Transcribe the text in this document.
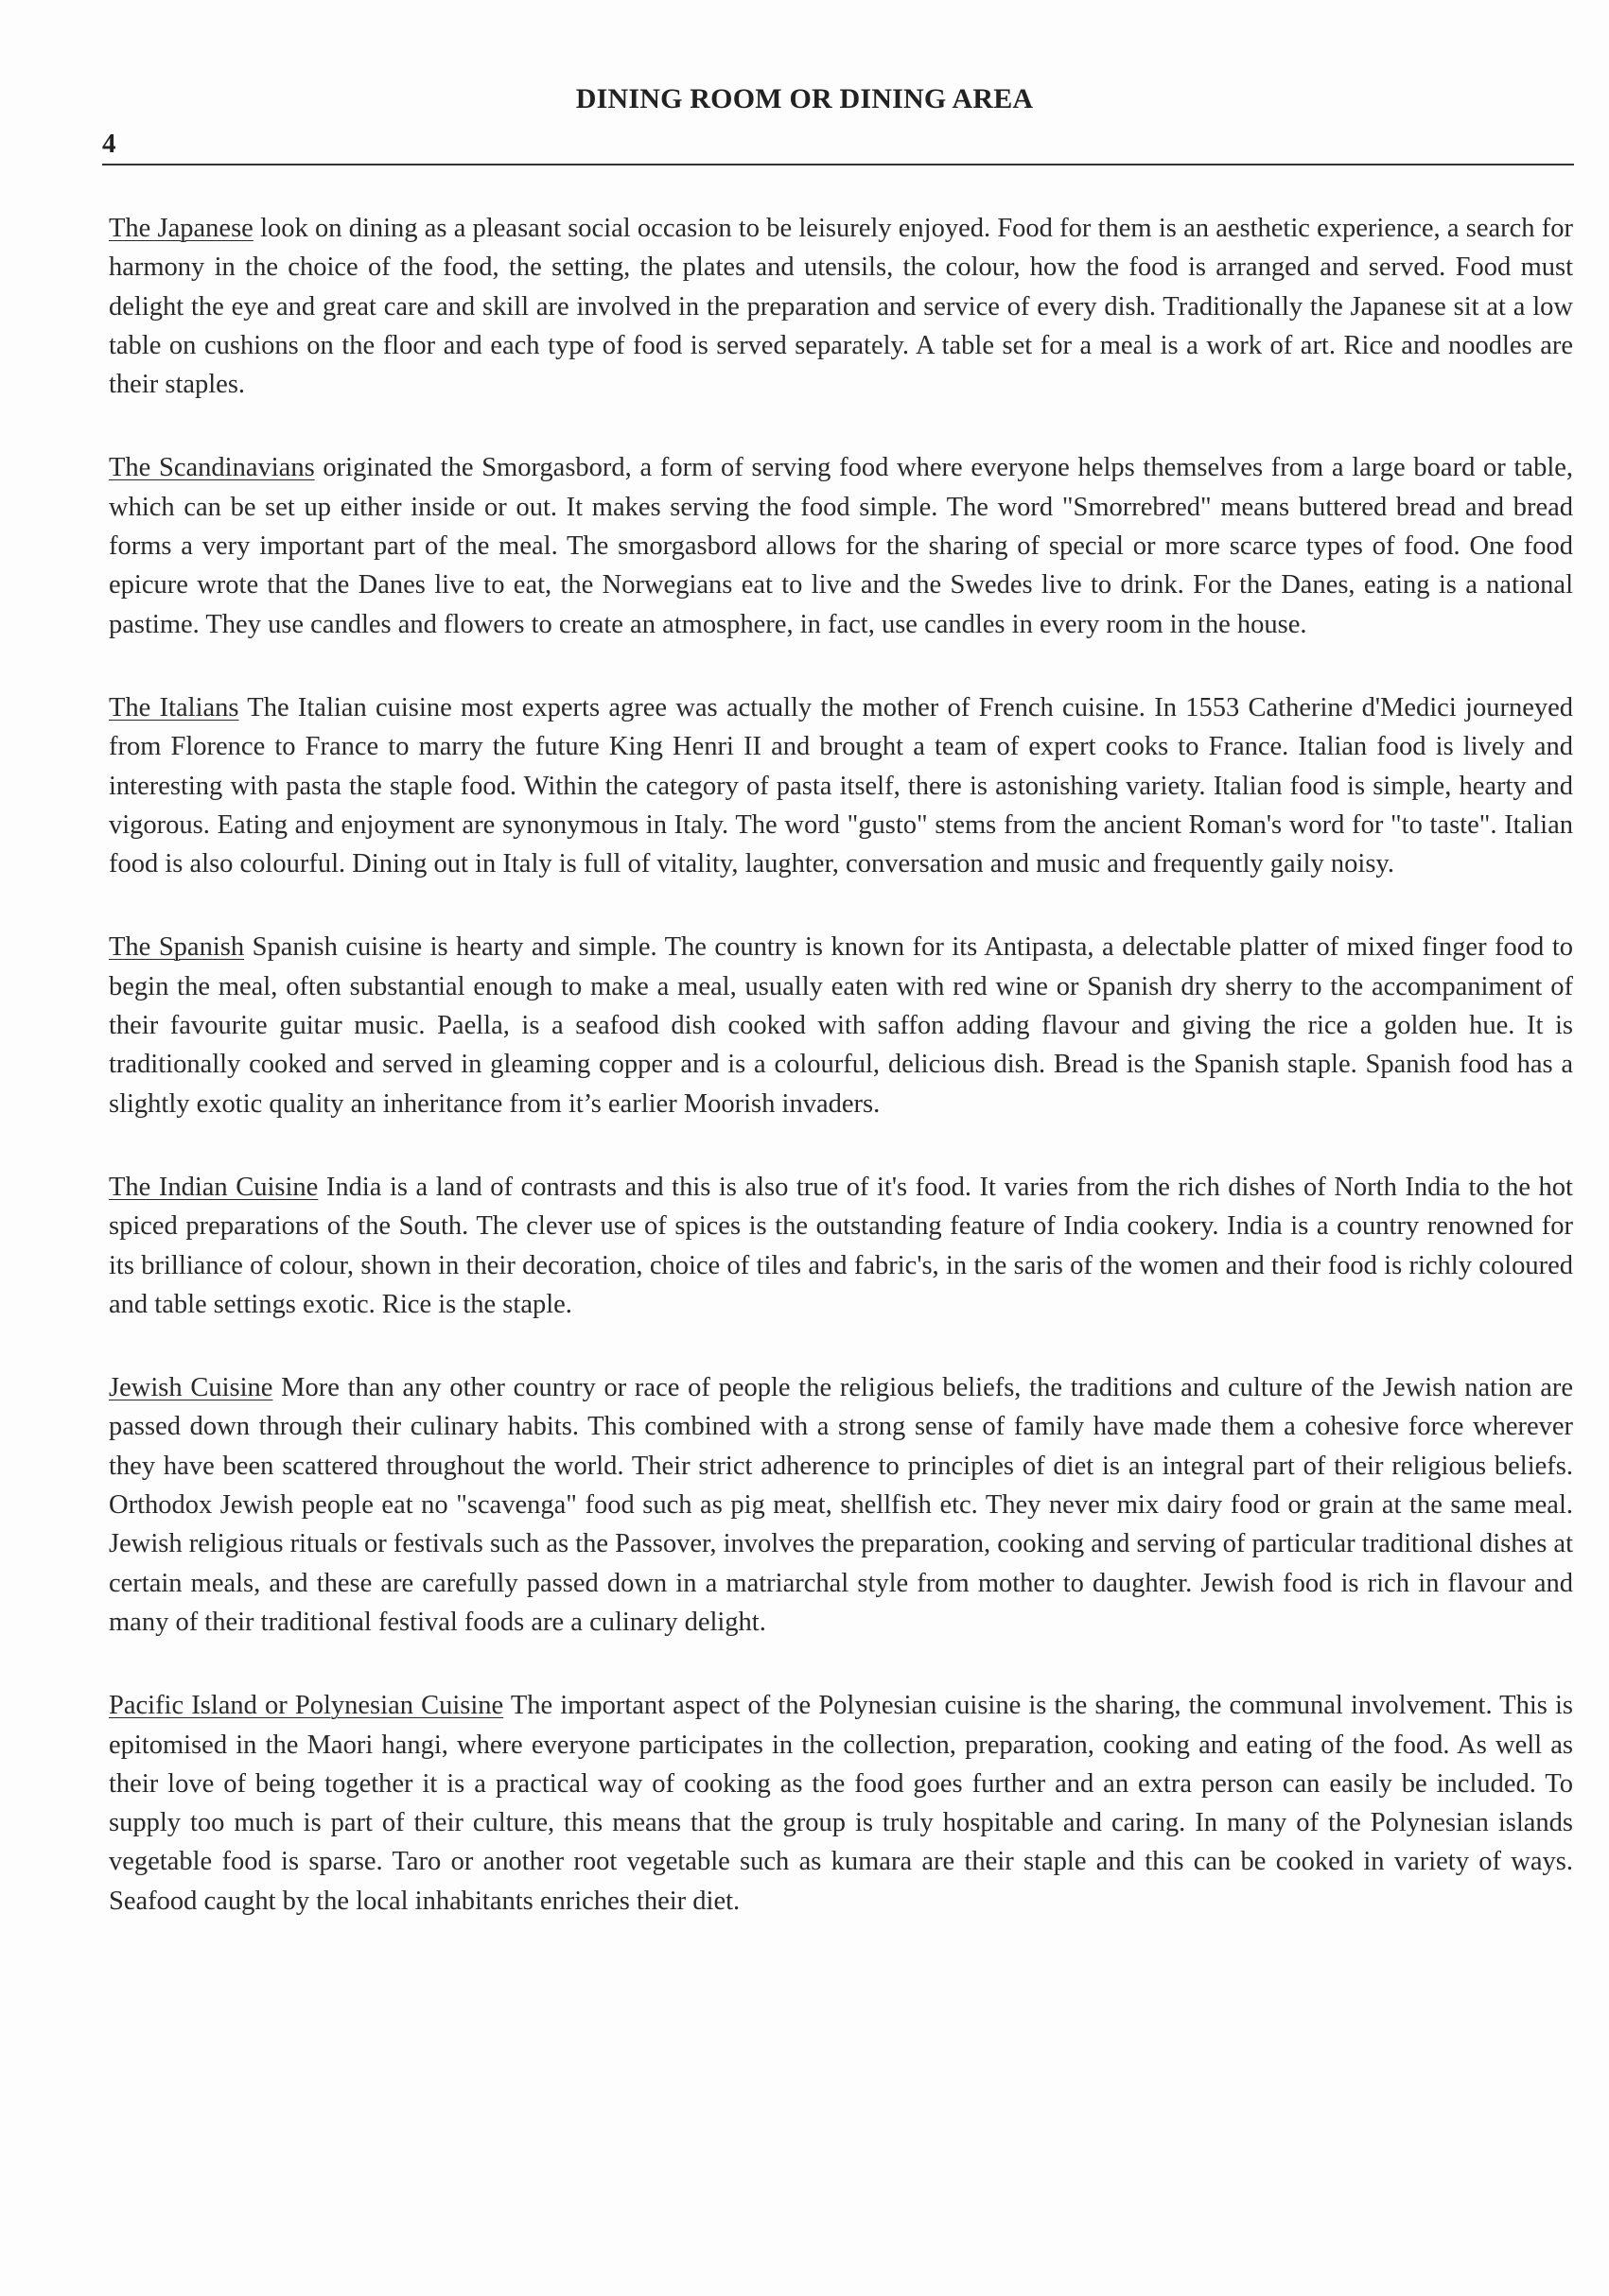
DINING ROOM OR DINING AREA
4

The Japanese look on dining as a pleasant social occasion to be leisurely enjoyed. Food for them is an aesthetic experience, a search for harmony in the choice of the food, the setting, the plates and utensils, the colour, how the food is arranged and served. Food must delight the eye and great care and skill are involved in the preparation and service of every dish. Traditionally the Japanese sit at a low table on cushions on the floor and each type of food is served separately. A table set for a meal is a work of art. Rice and noodles are their staples.

The Scandinavians originated the Smorgasbord, a form of serving food where everyone helps themselves from a large board or table, which can be set up either inside or out. It makes serving the food simple. The word "Smorrebred" means buttered bread and bread forms a very important part of the meal. The smorgasbord allows for the sharing of special or more scarce types of food. One food epicure wrote that the Danes live to eat, the Norwegians eat to live and the Swedes live to drink. For the Danes, eating is a national pastime. They use candles and flowers to create an atmosphere, in fact, use candles in every room in the house.

The Italians The Italian cuisine most experts agree was actually the mother of French cuisine. In 1553 Catherine d'Medici journeyed from Florence to France to marry the future King Henri II and brought a team of expert cooks to France. Italian food is lively and interesting with pasta the staple food. Within the category of pasta itself, there is astonishing variety. Italian food is simple, hearty and vigorous. Eating and enjoyment are synonymous in Italy. The word "gusto" stems from the ancient Roman's word for "to taste". Italian food is also colourful. Dining out in Italy is full of vitality, laughter, conversation and music and frequently gaily noisy.

The Spanish Spanish cuisine is hearty and simple. The country is known for its Antipasta, a delectable platter of mixed finger food to begin the meal, often substantial enough to make a meal, usually eaten with red wine or Spanish dry sherry to the accompaniment of their favourite guitar music. Paella, is a seafood dish cooked with saffon adding flavour and giving the rice a golden hue. It is traditionally cooked and served in gleaming copper and is a colourful, delicious dish. Bread is the Spanish staple. Spanish food has a slightly exotic quality an inheritance from it’s earlier Moorish invaders.

The Indian Cuisine India is a land of contrasts and this is also true of it's food. It varies from the rich dishes of North India to the hot spiced preparations of the South. The clever use of spices is the outstanding feature of India cookery. India is a country renowned for its brilliance of colour, shown in their decoration, choice of tiles and fabric's, in the saris of the women and their food is richly coloured and table settings exotic. Rice is the staple.

Jewish Cuisine More than any other country or race of people the religious beliefs, the traditions and culture of the Jewish nation are passed down through their culinary habits. This combined with a strong sense of family have made them a cohesive force wherever they have been scattered throughout the world. Their strict adherence to principles of diet is an integral part of their religious beliefs. Orthodox Jewish people eat no "scavenga" food such as pig meat, shellfish etc. They never mix dairy food or grain at the same meal. Jewish religious rituals or festivals such as the Passover, involves the preparation, cooking and serving of particular traditional dishes at certain meals, and these are carefully passed down in a matriarchal style from mother to daughter. Jewish food is rich in flavour and many of their traditional festival foods are a culinary delight.

Pacific Island or Polynesian Cuisine The important aspect of the Polynesian cuisine is the sharing, the communal involvement. This is epitomised in the Maori hangi, where everyone participates in the collection, preparation, cooking and eating of the food. As well as their love of being together it is a practical way of cooking as the food goes further and an extra person can easily be included. To supply too much is part of their culture, this means that the group is truly hospitable and caring. In many of the Polynesian islands vegetable food is sparse. Taro or another root vegetable such as kumara are their staple and this can be cooked in variety of ways. Seafood caught by the local inhabitants enriches their diet.
